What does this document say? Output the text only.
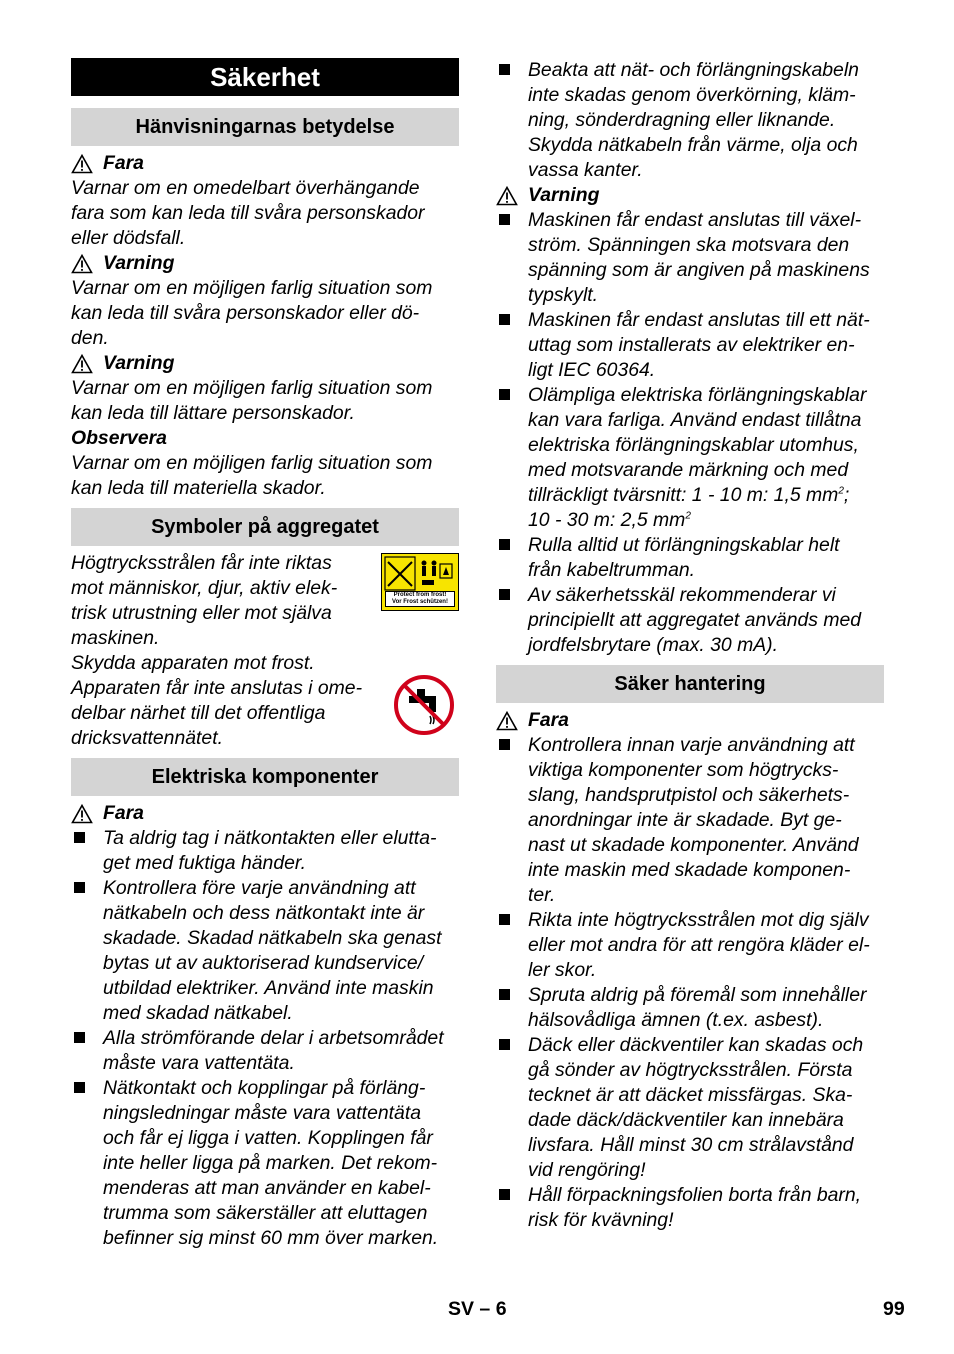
Säkerhet
Hänvisningarnas betydelse
Fara
Varnar om en omedelbart överhängande
fara som kan leda till svåra personskador
eller dödsfall.
Varning
Varnar om en möjligen farlig situation som
kan leda till svåra personskador eller dö-
den.
Varning
Varnar om en möjligen farlig situation som
kan leda till lättare personskador.
Observera
Varnar om en möjligen farlig situation som
kan leda till materiella skador.
Symboler på aggregatet
Högtrycksstrålen får inte riktas
mot människor, djur, aktiv elek-
trisk utrustning eller mot själva
maskinen.
Protect from frost!
Vor Frost schützen!
Skydda apparaten mot frost.
Apparaten får inte anslutas i ome-
delbar närhet till det offentliga
dricksvattennätet.
Elektriska komponenter
Fara
Ta aldrig tag i nätkontakten eller elutta-
get med fuktiga händer.
Kontrollera före varje användning att
nätkabeln och dess nätkontakt inte är
skadade. Skadad nätkabeln ska genast
bytas ut av auktoriserad kundservice/
utbildad elektriker. Använd inte maskin
med skadad nätkabel.
Alla strömförande delar i arbetsområdet
måste vara vattentäta.
Nätkontakt och kopplingar på förläng-
ningsledningar måste vara vattentäta
och får ej ligga i vatten. Kopplingen får
inte heller ligga på marken. Det rekom-
menderas att man använder en kabel-
trumma som säkerställer att eluttagen
befinner sig minst 60 mm över marken.
Beakta att nät- och förlängningskabeln
inte skadas genom överkörning, kläm-
ning, sönderdragning eller liknande.
Skydda nätkabeln från värme, olja och
vassa kanter.
Varning
Maskinen får endast anslutas till växel-
ström. Spänningen ska motsvara den
spänning som är angiven på maskinens
typskylt.
Maskinen får endast anslutas till ett nät-
uttag som installerats av elektriker en-
ligt IEC 60364.
Olämpliga elektriska förlängningskablar
kan vara farliga. Använd endast tillåtna
elektriska förlängningskablar utomhus,
med motsvarande märkning och med
tillräckligt tvärsnitt: 1 - 10 m: 1,5 $mm^2$;
10 - 30 m: 2,5 $mm^2$
Rulla alltid ut förlängningskablar helt
från kabeltrumman.
Av säkerhetsskäl rekommenderar vi
principiellt att aggregatet används med
jordfelsbrytare (max. 30 mA).
Säker hantering
Fara
Kontrollera innan varje användning att
viktiga komponenter som högtrycks-
slang, handsprutpistol och säkerhets-
anordningar inte är skadade. Byt ge-
nast ut skadade komponenter. Använd
inte maskin med skadade komponen-
ter.
Rikta inte högtrycksstrålen mot dig själv
eller mot andra för att rengöra kläder el-
ler skor.
Spruta aldrig på föremål som innehåller
hälsovådliga ämnen (t.ex. asbest).
Däck eller däckventiler kan skadas och
gå sönder av högtrycksstrålen. Första
tecknet är att däcket missfärgas. Ska-
dade däck/däckventiler kan innebära
livsfara. Håll minst 30 cm strålavstånd
vid rengöring!
Håll förpackningsfolien borta från barn,
risk för kvävning!
SV – 6	99
